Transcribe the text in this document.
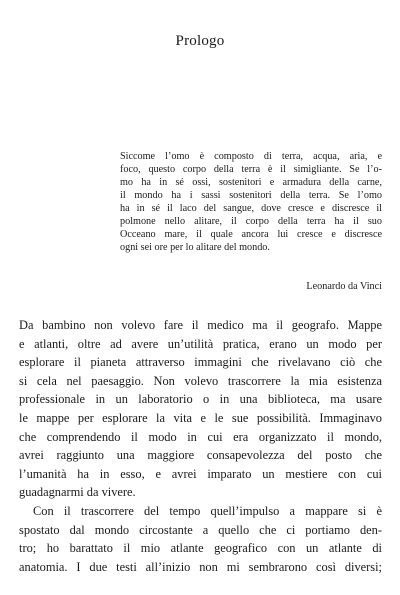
Prologo
Siccome l’omo è composto di terra, acqua, aria, e
foco, questo corpo della terra è il simigliante. Se l’o-
mo ha in sé ossi, sostenitori e armadura della carne,
il mondo ha i sassi sostenitori della terra. Se l’omo
ha in sé il laco del sangue, dove cresce e discresce il
polmone nello alitare, il corpo della terra ha il suo
Occeano mare, il quale ancora lui cresce e discresce
ogni sei ore per lo alitare del mondo.
Leonardo da Vinci
Da bambino non volevo fare il medico ma il geografo. Mappe
e atlanti, oltre ad avere un’utilità pratica, erano un modo per
esplorare il pianeta attraverso immagini che rivelavano ciò che
si cela nel paesaggio. Non volevo trascorrere la mia esistenza
professionale in un laboratorio o in una biblioteca, ma usare
le mappe per esplorare la vita e le sue possibilità. Immaginavo
che comprendendo il modo in cui era organizzato il mondo,
avrei raggiunto una maggiore consapevolezza del posto che
l’umanità ha in esso, e avrei imparato un mestiere con cui
guadagnarmi da vivere.
Con il trascorrere del tempo quell’impulso a mappare si è
spostato dal mondo circostante a quello che ci portiamo den-
tro; ho barattato il mio atlante geografico con un atlante di
anatomia. I due testi all’inizio non mi sembrarono così diversi;
